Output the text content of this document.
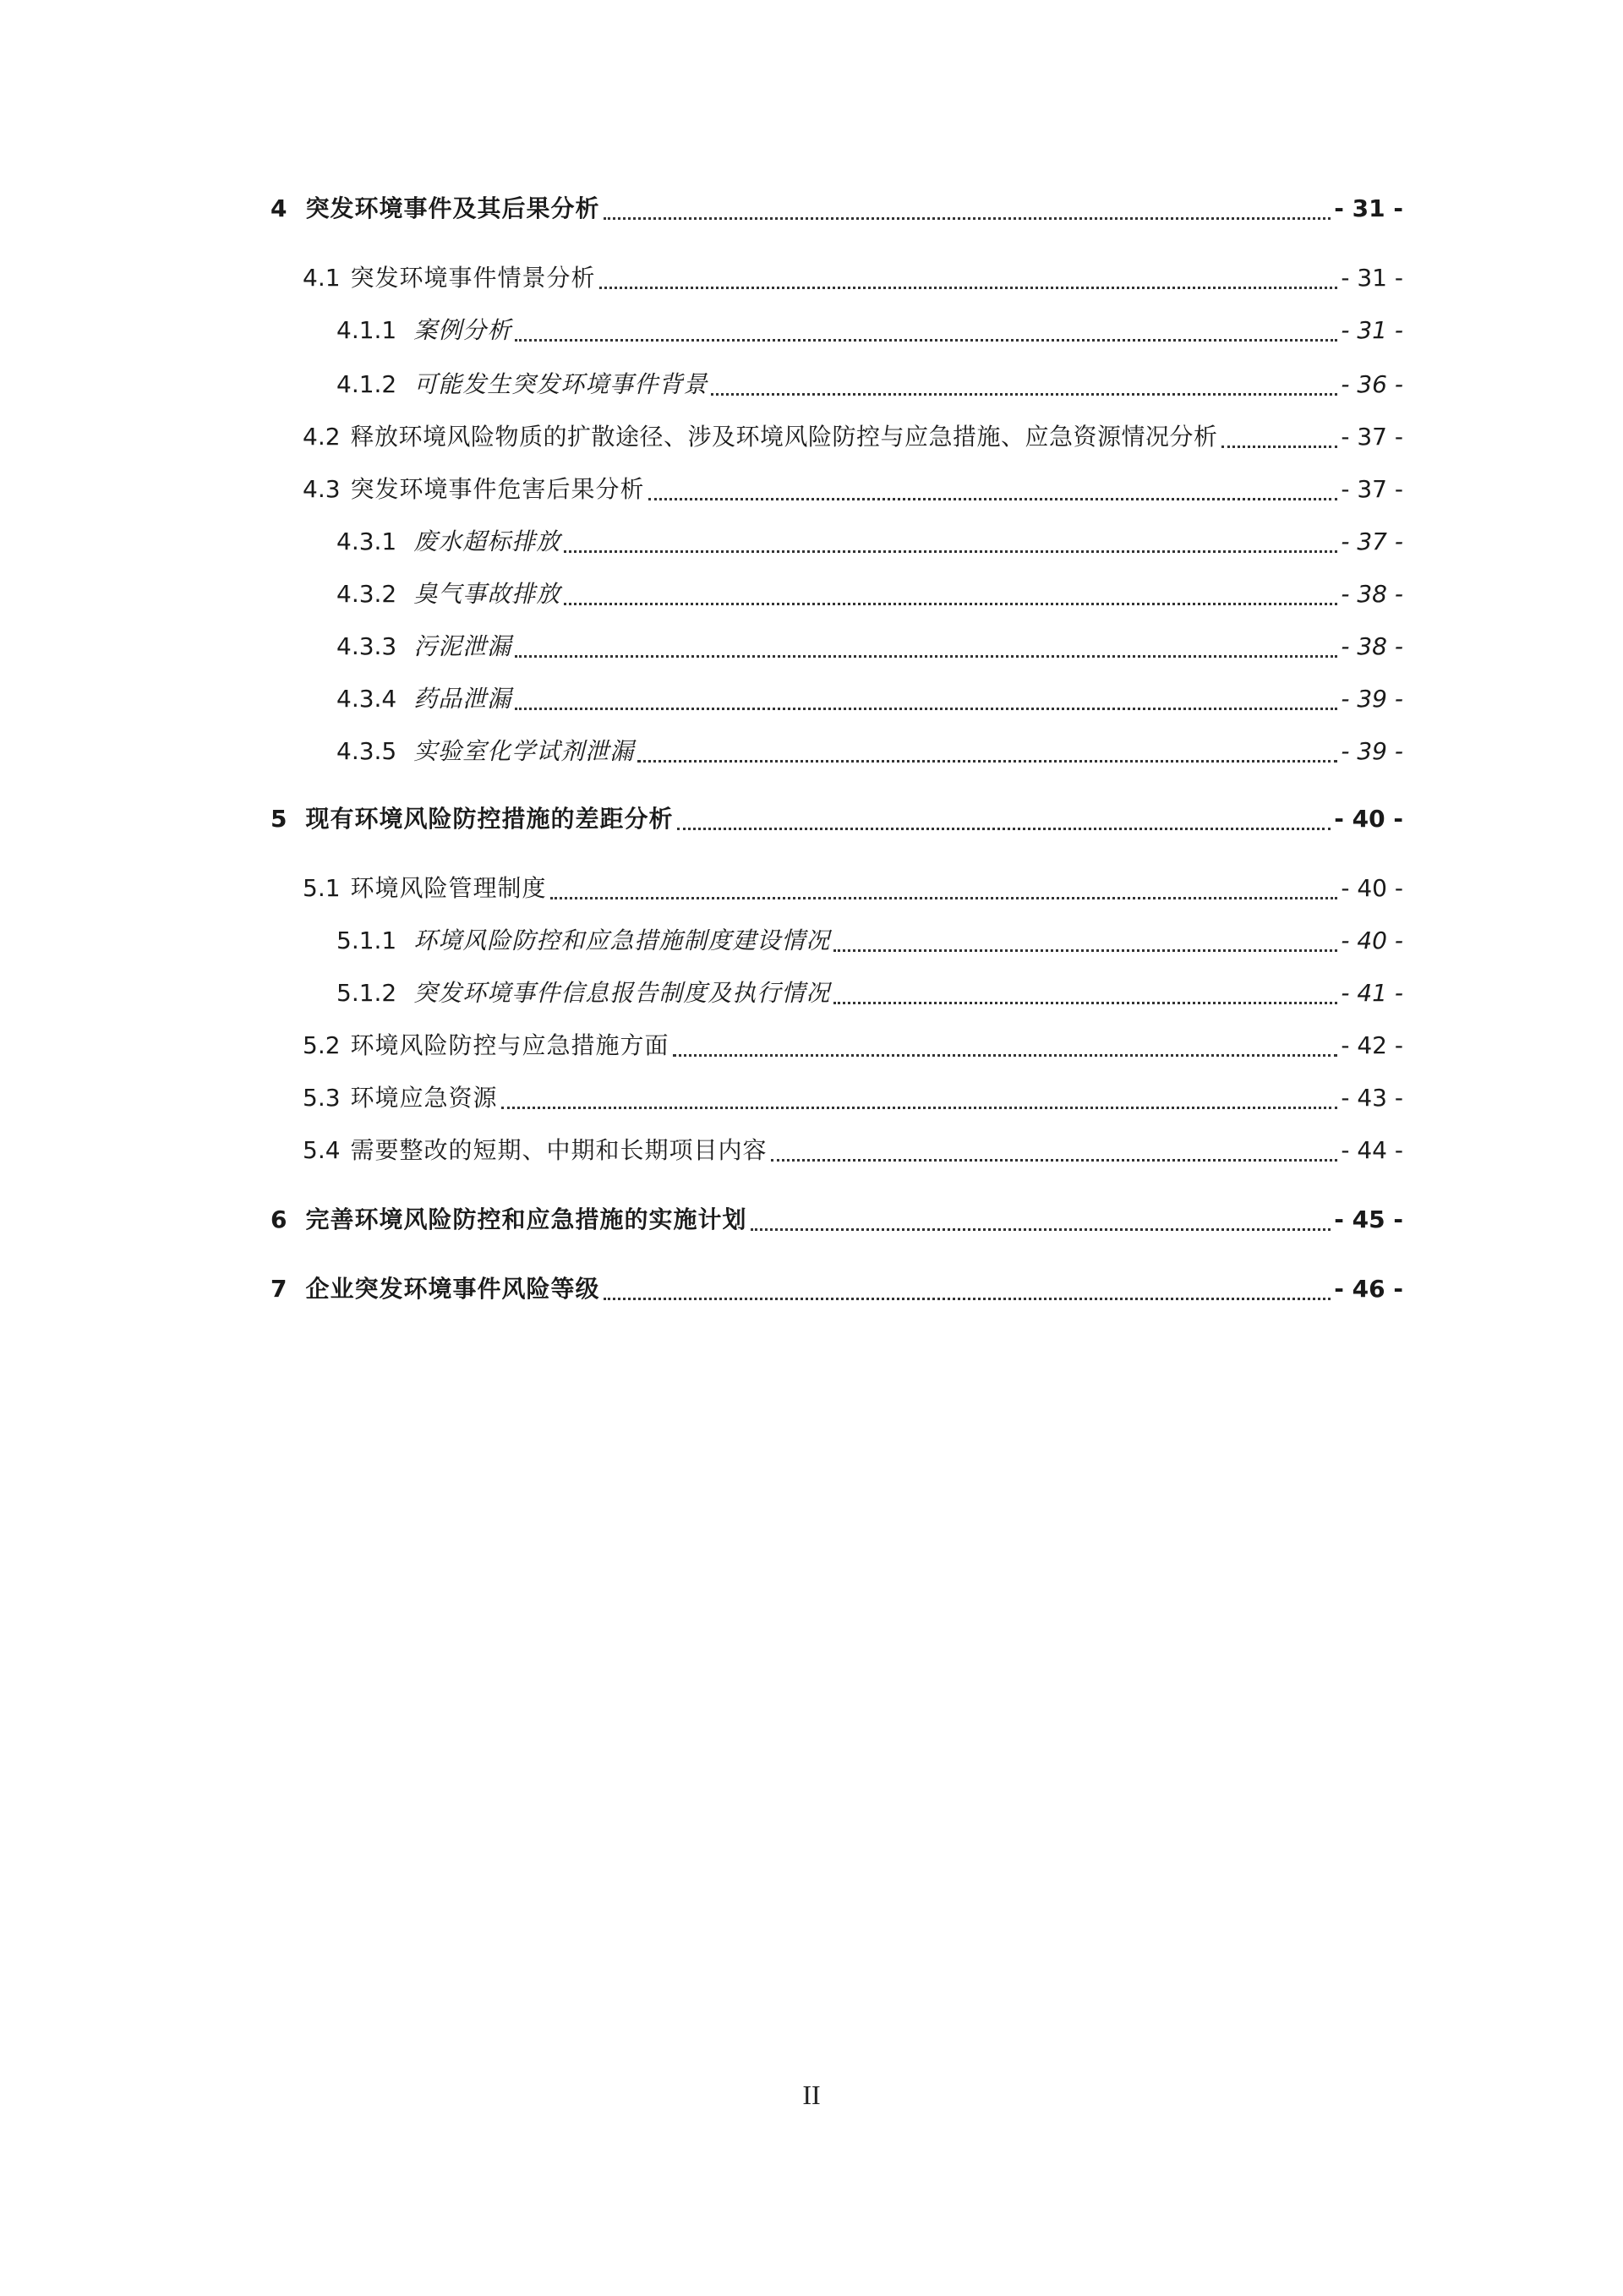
4 突发环境事件及其后果分析	- 31 -
4.1 突发环境事件情景分析	- 31 -
4.1.1 案例分析	- 31 -
4.1.2 可能发生突发环境事件背景	- 36 -
4.2 释放环境风险物质的扩散途径、涉及环境风险防控与应急措施、应急资源情况分析	- 37 -
4.3 突发环境事件危害后果分析	- 37 -
4.3.1 废水超标排放	- 37 -
4.3.2 臭气事故排放	- 38 -
4.3.3 污泥泄漏	- 38 -
4.3.4 药品泄漏	- 39 -
4.3.5 实验室化学试剂泄漏	- 39 -
5 现有环境风险防控措施的差距分析	- 40 -
5.1 环境风险管理制度	- 40 -
5.1.1 环境风险防控和应急措施制度建设情况	- 40 -
5.1.2 突发环境事件信息报告制度及执行情况	- 41 -
5.2 环境风险防控与应急措施方面	- 42 -
5.3 环境应急资源	- 43 -
5.4 需要整改的短期、中期和长期项目内容	- 44 -
6 完善环境风险防控和应急措施的实施计划	- 45 -
7 企业突发环境事件风险等级	- 46 -
II
